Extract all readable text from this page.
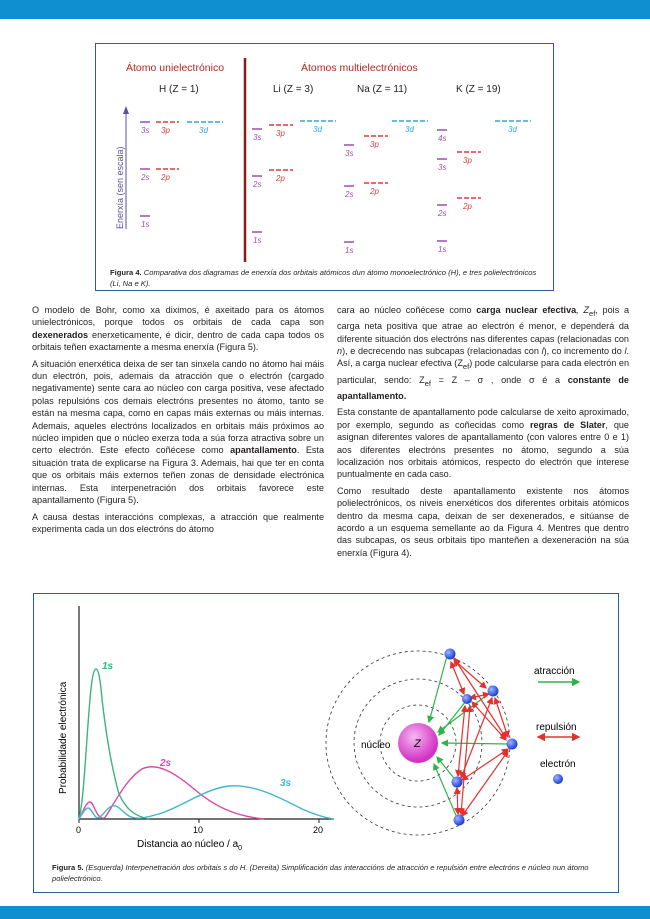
Átomo unielectrónico	Átomos multielectrónicos
H (Z = 1)	Li (Z = 3)	Na (Z = 11)	K (Z = 19)
Enerxía (sen escala)
3s 3p	3d
2s 2p
1s
3s 3p	3d
2s
2p
1s
3s
3p
3d
2s 2p
1s
4s
3d
3s
3p
2s
2p
1s
Figura 4. Comparativa dos diagramas de enerxía dos orbitais atómicos dun átomo monoelectrónico (H), e tres polielectrónicos (Li, Na e K).

O modelo de Bohr, como xa diximos, é axeitado para os átomos unielectrónicos, porque todos os orbitais de cada capa son dexenerados enerxeticamente, é dicir, dentro de cada capa todos os orbitais teñen exactamente a mesma enerxía (Figura 5).

A situación enerxética deixa de ser tan sinxela cando no átomo hai máis dun electrón, pois, ademais da atracción que o electrón (cargado negativamente) sente cara ao núcleo con carga positiva, vese afectado polas repulsións cos demais electróns presentes no átomo, tanto se están na mesma capa, como en capas máis externas ou máis internas. Ademais, aqueles electróns localizados en orbitais máis próximos ao núcleo impiden que o núcleo exerza toda a súa forza atractiva sobre un certo electrón. Este efecto coñécese como apantallamento. Esta situación trata de explicarse na Figura 3. Ademais, hai que ter en conta que os orbitais máis externos teñen zonas de densidade electrónica internas. Esta interpenetración dos orbitais favorece este apantallamento (Figura 5).

A causa destas interaccións complexas, a atracción que realmente experimenta cada un dos electróns do átomo

cara ao núcleo coñécese como carga nuclear efectiva, $Z_{ef}$, pois a carga neta positiva que atrae ao electrón é menor, e dependerá da diferente situación dos electróns nas diferentes capas (relacionadas con n), e decrecendo nas subcapas (relacionadas con l), co incremento do l. Así, a carga nuclear efectiva $(Z_{ef})$ pode calcularse para cada electrón en particular, sendo: $Z_{ef} = Z - \sigma$ , onde σ é a constante de apantallamento.

Esta constante de apantallamento pode calcularse de xeito aproximado, por exemplo, segundo as coñecidas como regras de Slater, que asignan diferentes valores de apantallamento (con valores entre 0 e 1) aos diferentes electróns presentes no átomo, segundo a súa localización nos orbitais atómicos, respecto do electrón que interese puntualmente en cada caso.

Como resultado deste apantallamento existente nos átomos polielectrónicos, os niveis enerxéticos dos diferentes orbitais atómicos dentro da mesma capa, deixan de ser dexenerados, e sitúanse de acordo a un esquema semellante ao da Figura 4. Mentres que dentro das subcapas, os seus orbitais tipo manteñen a dexeneración na súa enerxía (Figura 4).

0	10	20
Distancia ao núcleo / $a_0$
Probabilidade electrónica
1s
2s
3s
Z
núcleo
atracción
repulsión
electrón
Figura 5. (Esquerda) Interpenetración dos orbitais s do H. (Dereita) Simplificación das interaccións de atracción e repulsión entre electróns e núcleo nun átomo polielectrónico.
